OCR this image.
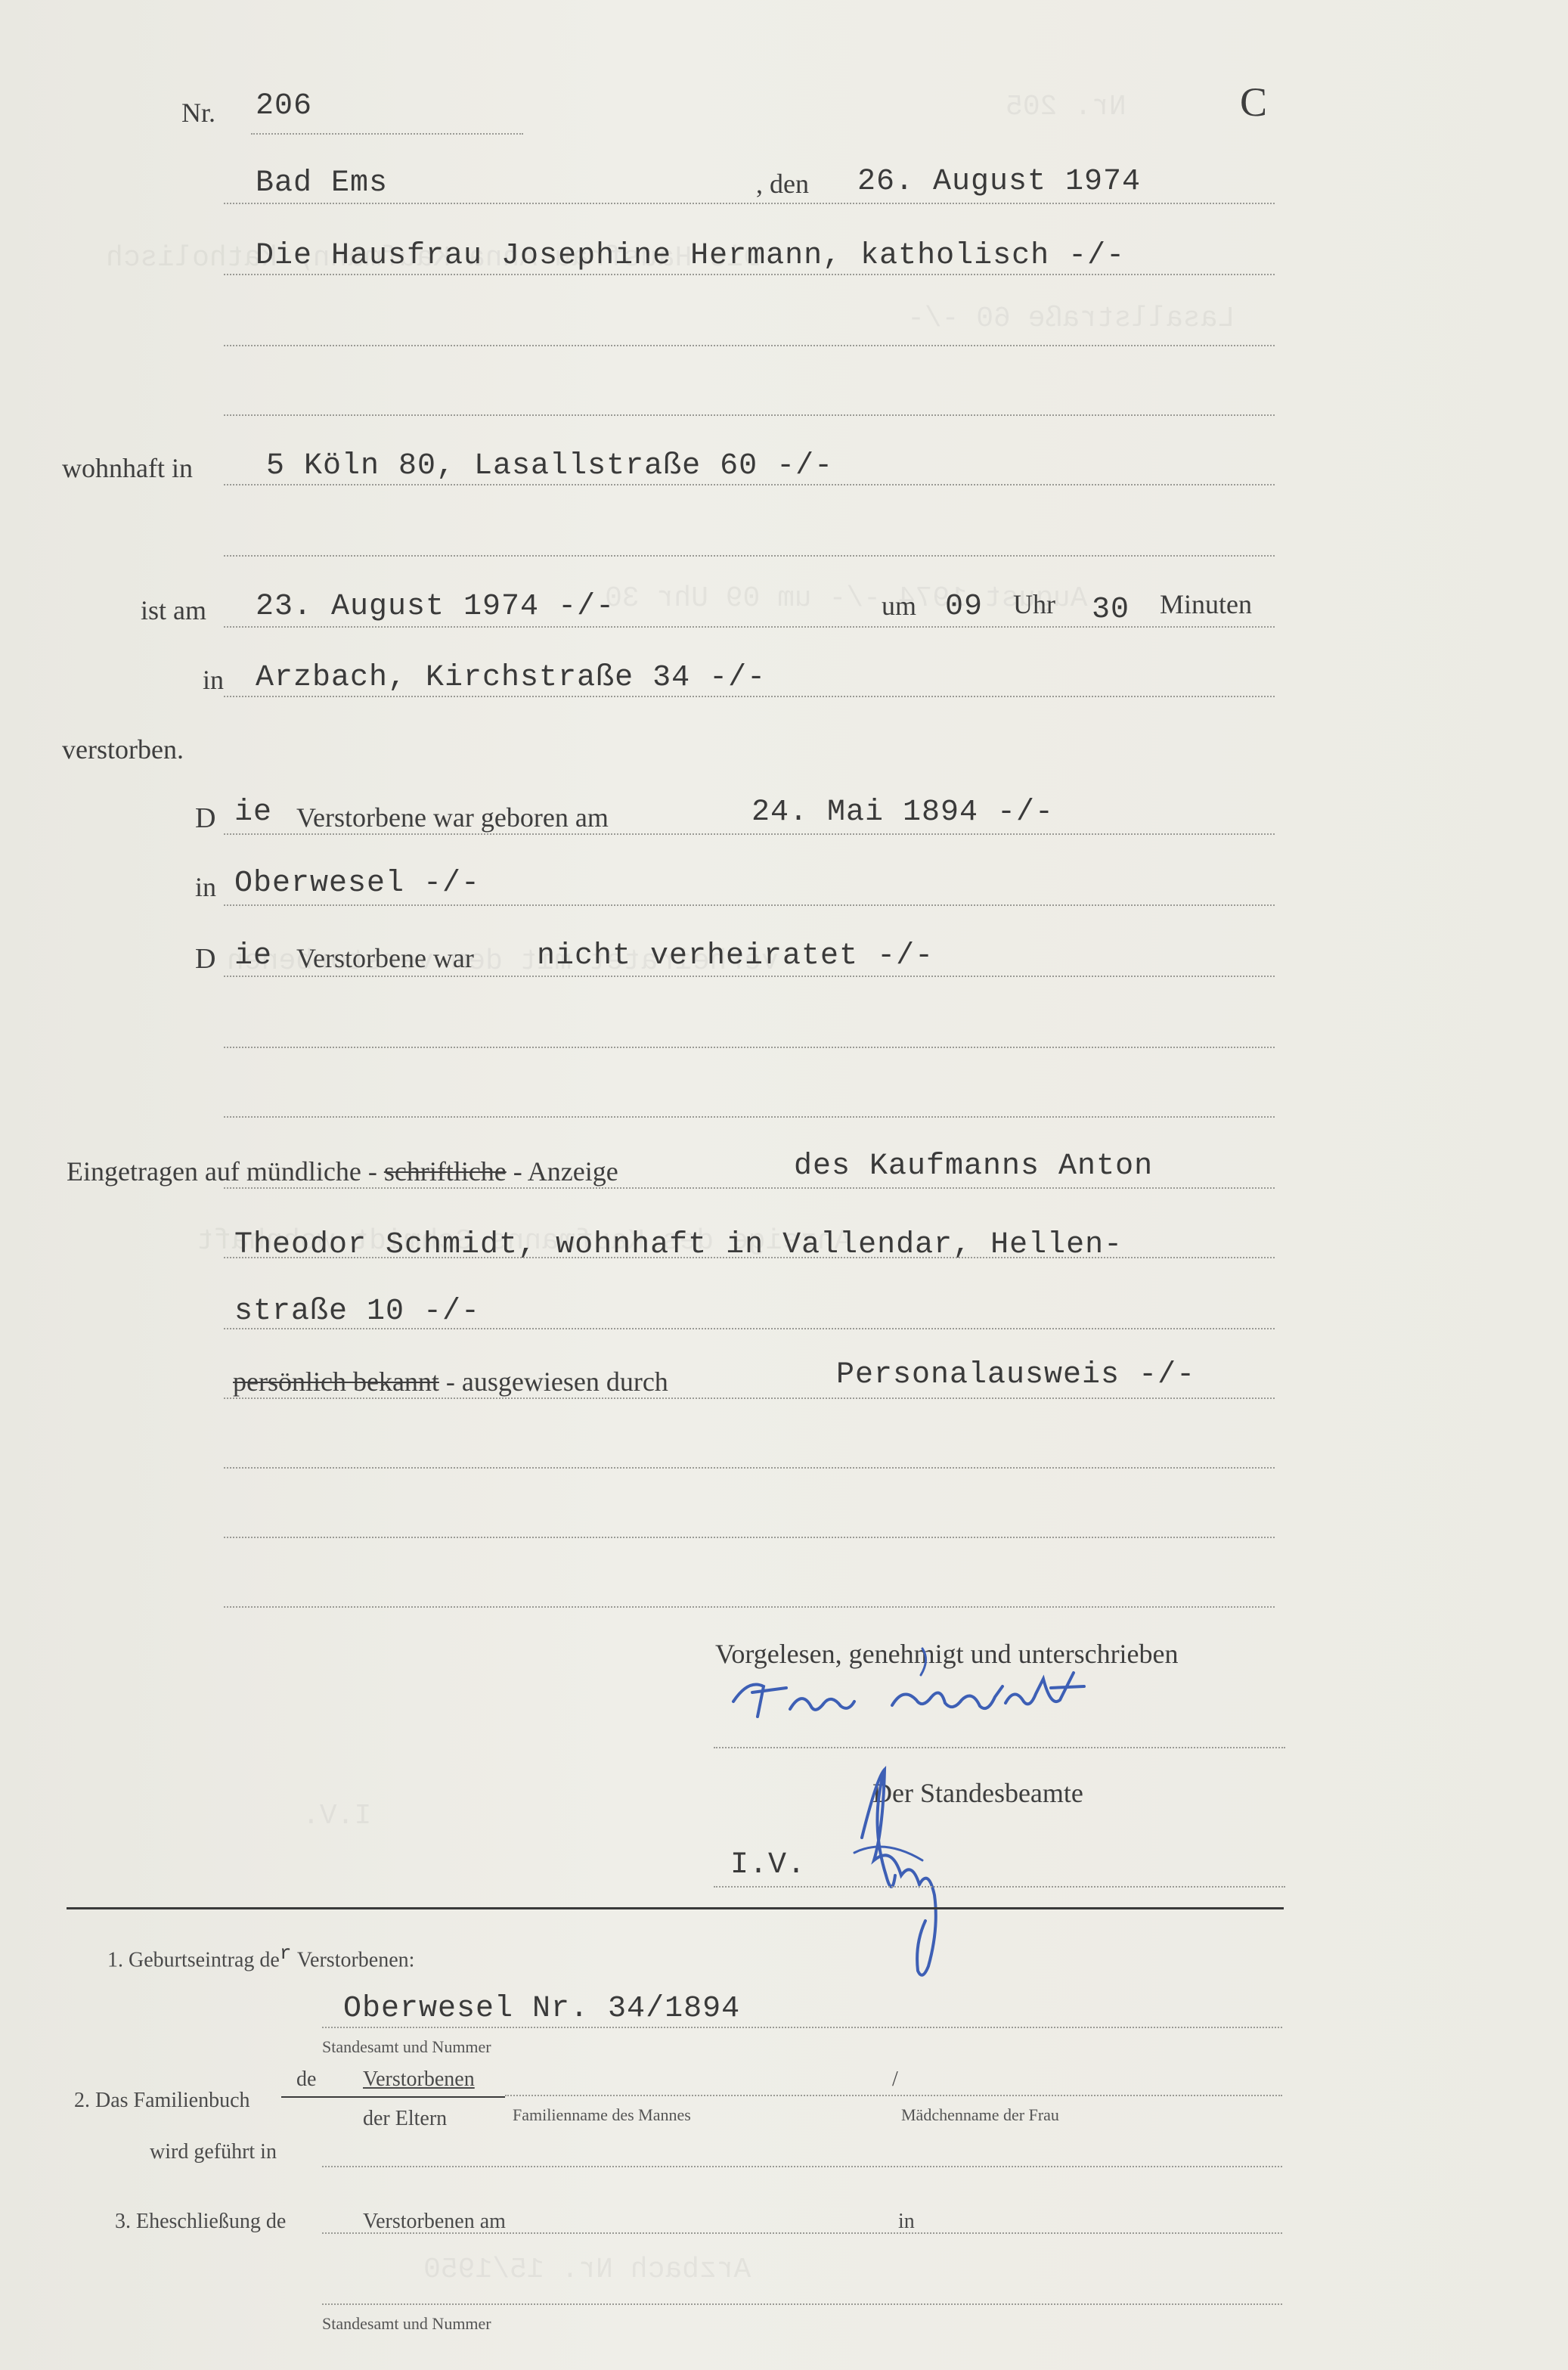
Nr. 206	C
Bad Ems	, den 26. August 1974
Die Hausfrau Josephine Hermann, katholisch -/-
wohnhaft in 5 Köln 80, Lasallstraße 60 -/-
ist am 23. August 1974 -/-	um 09 Uhr 30 Minuten
in Arzbach, Kirchstraße 34 -/-
verstorben.
D ie Verstorbene war geboren am	24. Mai 1894 -/-
in Oberwesel -/-
D ie Verstorbene war nicht verheiratet -/-
Eingetragen auf mündliche - schriftliche - Anzeige	des Kaufmanns Anton
Theodor Schmidt, wohnhaft in Vallendar, Hellen-
straße 10 -/-
persönlich bekannt - ausgewiesen durch	Personalausweis -/-
Vorgelesen, genehmigt und unterschrieben
Der Standesbeamte
I.V.
1. Geburtseintrag $de^r$ Verstorbenen:
Oberwesel Nr. 34/1894
Standesamt und Nummer
2. Das Familienbuch
de Verstorbenen
der Eltern
/
Familienname des Mannes	Mädchenname der Frau
wird geführt in
3. Eheschließung de	Verstorbenen am	in
Standesamt und Nummer
